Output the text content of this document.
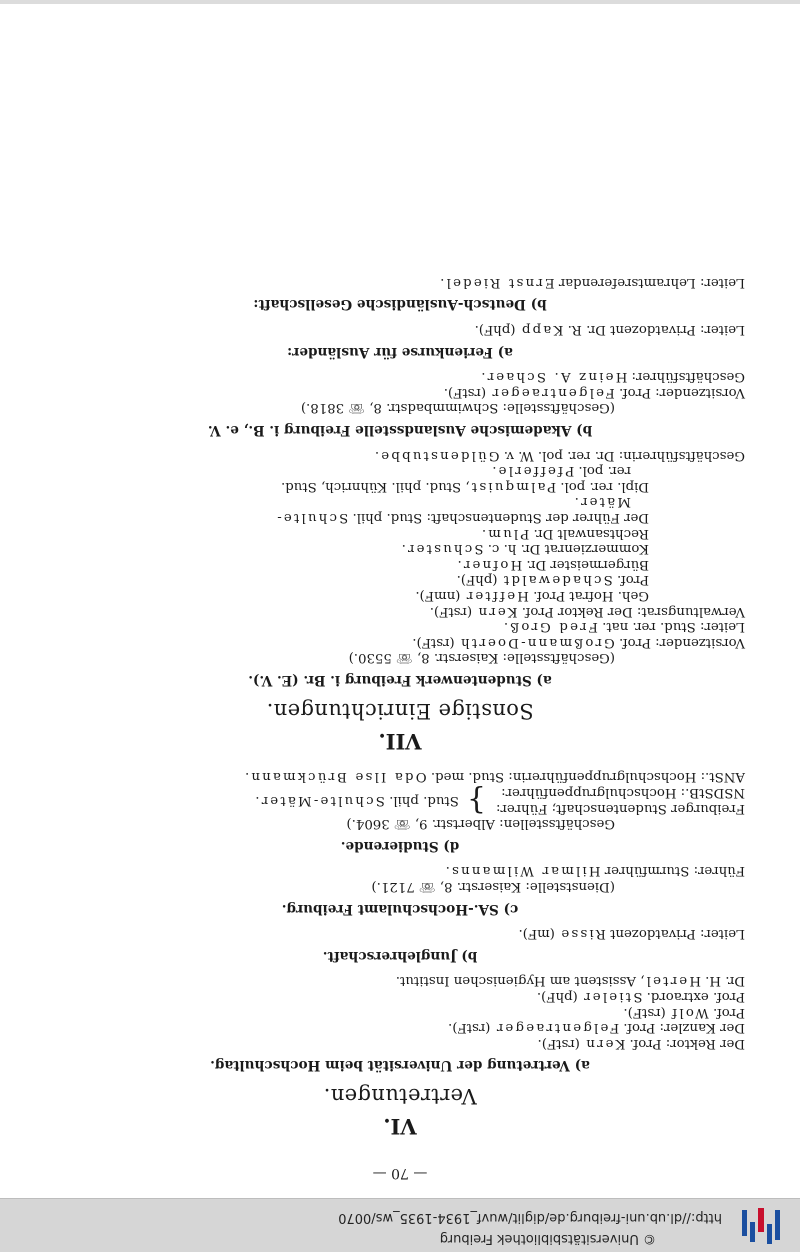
© Universitätsbibliothek Freiburg
http://dl.ub.uni-freiburg.de/diglit/wuvf_1934-1935_ws/0070
— 70 —
VI.
Vertretungen.
a) Vertretung der Universität beim Hochschultag.
Der Rektor: Prof. Kern (rstF).
Der Kanzler: Prof. Felgentraeger (rstF).
Prof. Wolf (rstF).
Prof. extraord. Stieler (phF).
Dr. H. Hertel, Assistent am Hygienischen Institut.
b) Junglehrerschaft.
Leiter: Privatdozent Risse (mF).
c) SA.-Hochschulamt Freiburg.
(Dienststelle: Kaiserstr. 8, ☏ 7121.)
Führer: Sturmführer Hilmar Wilmanns.
d) Studierende.
Geschäftsstellen: Albertstr. 9, ☏ 3604.)
Freiburger Studentenschaft; Führer:
NSDStB.: Hochschulgruppenführer:
}
Stud. phil. Schulte-Mäter.
ANSt.: Hochschulgruppenführerin: Stud. med. Oda Ilse Brückmann.
VII.
Sonstige Einrichtungen.
a) Studentenwerk Freiburg i. Br. (E. V.).
(Geschäftsstelle: Kaiserstr. 8, ☏ 5530.)
Vorsitzender: Prof. Großmann-Doerth (rstF).
Leiter: Stud. rer. nat. Fred Groß.
Verwaltungsrat: Der Rektor Prof. Kern (rstF).
Geh. Hofrat Prof. Heffter (nmF).
Prof. Schadewaldt (phF).
Bürgermeister Dr. Hofner.
Kommerzienrat Dr. h. c. Schuster.
Rechtsanwalt Dr. Plum.
Der Führer der Studentenschaft: Stud. phil. Schulte-
Mäter.
Dipl. rer. pol. Palmquist, Stud. phil. Kühnrich, Stud.
rer. pol. Pfefferle.
Geschäftsführerin: Dr. rer. pol. W. v. Güldenstubbe.
b) Akademische Auslandsstelle Freiburg i. B., e. V.
(Geschäftsstelle: Schwimmbadstr. 8, ☏ 3818.)
Vorsitzender: Prof. Felgentraeger (rstF).
Geschäftsführer: Heinz A. Schaer.
a) Ferienkurse für Ausländer:
Leiter: Privatdozent Dr. R. Kapp (phF).
b) Deutsch-Ausländische Gesellschaft:
Leiter: Lehramtsreferendar Ernst Riedel.
